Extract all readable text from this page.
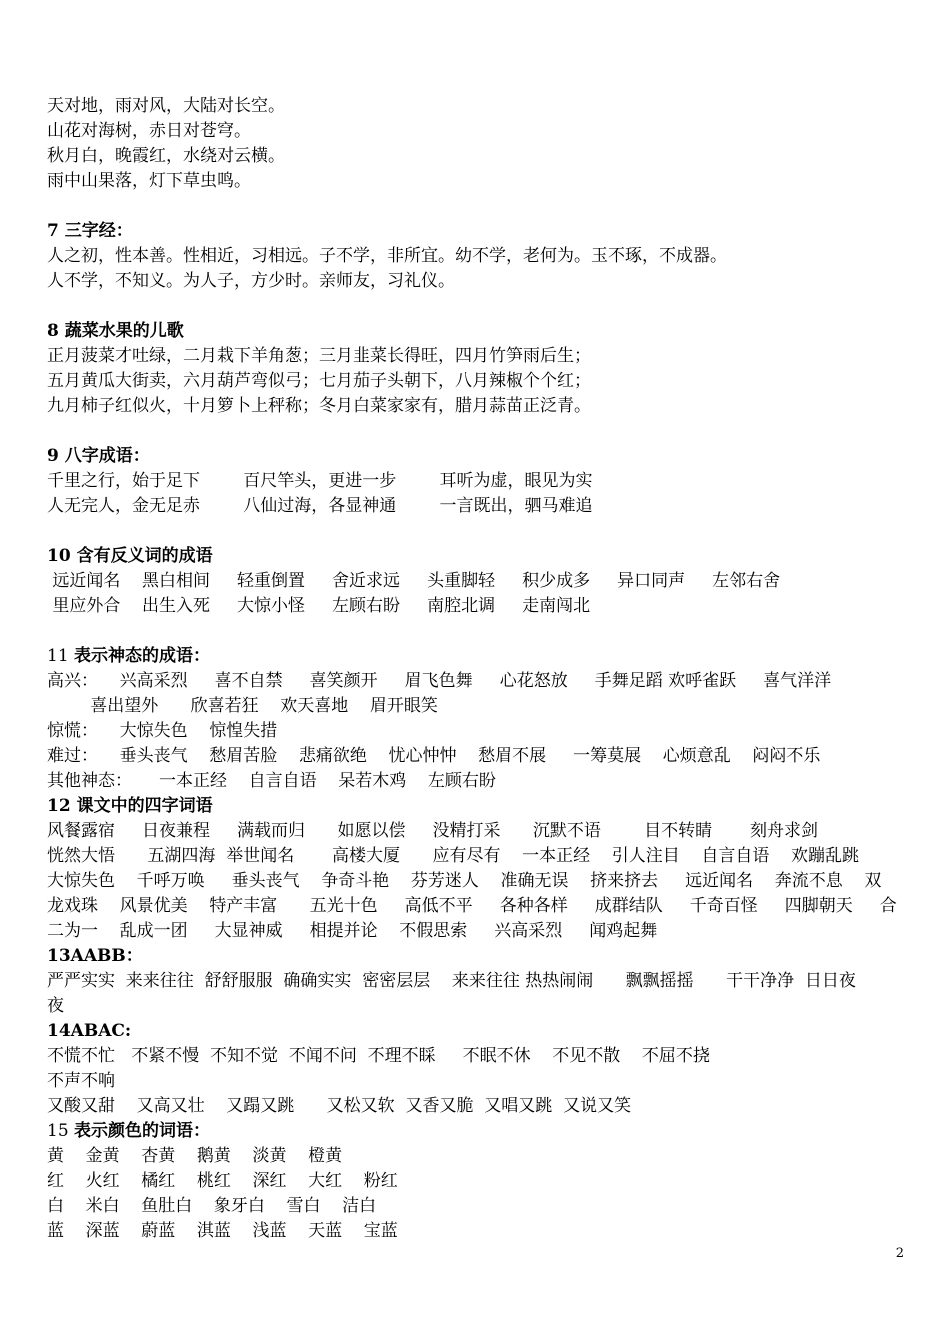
天对地，雨对风，大陆对长空。
山花对海树，赤日对苍穹。
秋月白，晚霞红，水绕对云横。
雨中山果落，灯下草虫鸣。
7 三字经：
人之初，性本善。性相近，习相远。子不学，非所宜。幼不学，老何为。玉不琢，不成器。
人不学，不知义。为人子，方少时。亲师友，习礼仪。
8 蔬菜水果的儿歌
正月菠菜才吐绿，二月栽下羊角葱；三月韭菜长得旺，四月竹笋雨后生；
五月黄瓜大街卖，六月葫芦弯似弓；七月茄子头朝下，八月辣椒个个红；
九月柿子红似火，十月箩卜上秤称；冬月白菜家家有，腊月蒜苗正泛青。
9 八字成语：
千里之行，始于足下        百尺竿头，更进一步        耳听为虚，眼见为实
人无完人，金无足赤        八仙过海，各显神通        一言既出，驷马难追
10 含有反义词的成语
远近闻名    黑白相间     轻重倒置     舍近求远     头重脚轻     积少成多     异口同声     左邻右舍
里应外合    出生入死     大惊小怪     左顾右盼     南腔北调     走南闯北
11 表示神态的成语：
高兴：    兴高采烈     喜不自禁     喜笑颜开     眉飞色舞     心花怒放     手舞足蹈 欢呼雀跃     喜气洋洋
喜出望外      欣喜若狂    欢天喜地    眉开眼笑
惊慌：    大惊失色    惊惶失措
难过：    垂头丧气    愁眉苦脸    悲痛欲绝    忧心忡忡    愁眉不展     一筹莫展    心烦意乱    闷闷不乐
其他神态：     一本正经    自言自语    呆若木鸡    左顾右盼
12 课文中的四字词语
风餐露宿     日夜兼程     满载而归      如愿以偿     没精打采      沉默不语        目不转睛       刻舟求剑
恍然大悟      五湖四海  举世闻名       高楼大厦      应有尽有    一本正经    引人注目    自言自语    欢蹦乱跳
大惊失色    千呼万唤     垂头丧气    争奇斗艳    芬芳迷人    准确无误    挤来挤去     远近闻名    奔流不息    双
龙戏珠    风景优美    特产丰富      五光十色     高低不平     各种各样     成群结队     千奇百怪     四脚朝天     合
二为一    乱成一团     大显神威     相提并论    不假思索     兴高采烈     闻鸡起舞
13AABB：
严严实实  来来往往  舒舒服服  确确实实  密密层层    来来往往 热热闹闹      飘飘摇摇      干干净净  日日夜
夜
14ABAC:
不慌不忙   不紧不慢  不知不觉  不闻不问  不理不睬     不眠不休    不见不散    不屈不挠
不声不响
又酸又甜    又高又壮    又蹋又跳      又松又软  又香又脆  又唱又跳  又说又笑
15 表示颜色的词语：
黄    金黄    杏黄    鹅黄    淡黄    橙黄
红    火红    橘红    桃红    深红    大红    粉红
白    米白    鱼肚白    象牙白    雪白    洁白
蓝    深蓝    蔚蓝    淇蓝    浅蓝    天蓝    宝蓝
2
